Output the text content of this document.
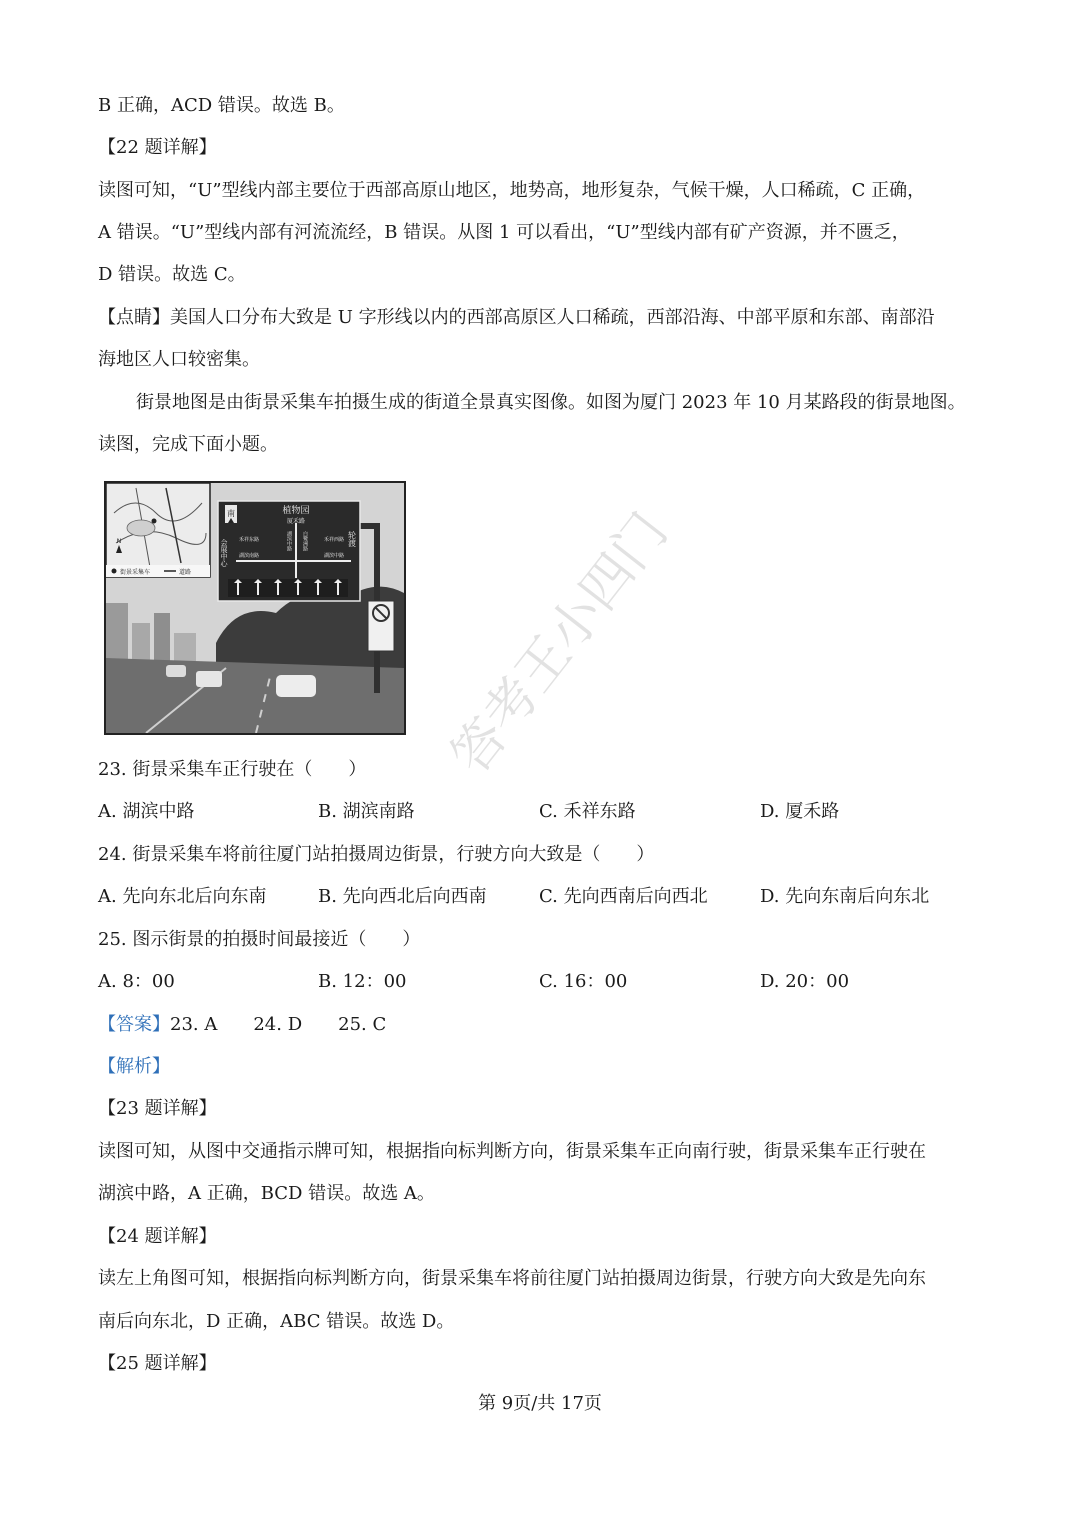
B 正确，ACD 错误。故选 B。
【22 题详解】
读图可知，“U”型线内部主要位于西部高原山地区，地势高，地形复杂，气候干燥，人口稀疏，C 正确，
A 错误。“U”型线内部有河流流经，B 错误。从图 1 可以看出，“U”型线内部有矿产资源，并不匮乏，
D 错误。故选 C。
【点睛】美国人口分布大致是 U 字形线以内的西部高原区人口稀疏，西部沿海、中部平原和东部、南部沿
海地区人口较密集。
街景地图是由街景采集车拍摄生成的街道全景真实图像。如图为厦门 2023 年 10 月某路段的街景地图。
读图，完成下面小题。
南	植物园
厦禾路
禾祥东路	禾祥西路
湖滨南路	湖滨中路
会展中心	轮渡
湖滨中路 白鹭洲路
N
街景采集车	道路	答考王小四门
23. 街景采集车正行驶在（　　）
A. 湖滨中路	B. 湖滨南路	C. 禾祥东路	D. 厦禾路
24. 街景采集车将前往厦门站拍摄周边街景，行驶方向大致是（　　）
A. 先向东北后向东南	B. 先向西北后向西南	C. 先向西南后向西北	D. 先向东南后向东北
25. 图示街景的拍摄时间最接近（　　）
A. 8：00	B. 12：00	C. 16：00	D. 20：00
【答案】23. A 24. D 25. C
【解析】
【23 题详解】
读图可知，从图中交通指示牌可知，根据指向标判断方向，街景采集车正向南行驶，街景采集车正行驶在
湖滨中路，A 正确，BCD 错误。故选 A。
【24 题详解】
读左上角图可知，根据指向标判断方向，街景采集车将前往厦门站拍摄周边街景，行驶方向大致是先向东
南后向东北，D 正确，ABC 错误。故选 D。
【25 题详解】
第 9页/共 17页
